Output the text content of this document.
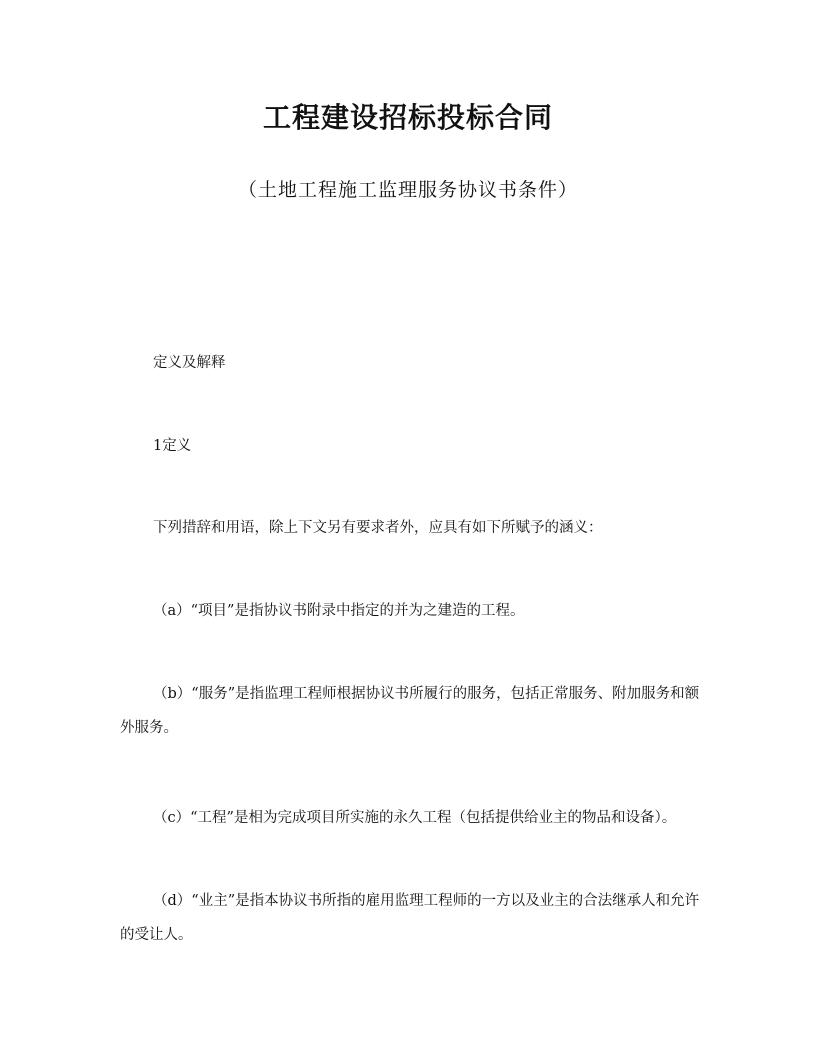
工程建设招标投标合同
（土地工程施工监理服务协议书条件）

定义及解释

1定义

下列措辞和用语，除上下文另有要求者外，应具有如下所赋予的涵义：

（a）“项目”是指协议书附录中指定的并为之建造的工程。

（b）“服务”是指监理工程师根据协议书所履行的服务，包括正常服务、附加服务和额外服务。

（c）“工程”是相为完成项目所实施的永久工程（包括提供给业主的物品和设备）。

（d）“业主”是指本协议书所指的雇用监理工程师的一方以及业主的合法继承人和允许的受让人。
